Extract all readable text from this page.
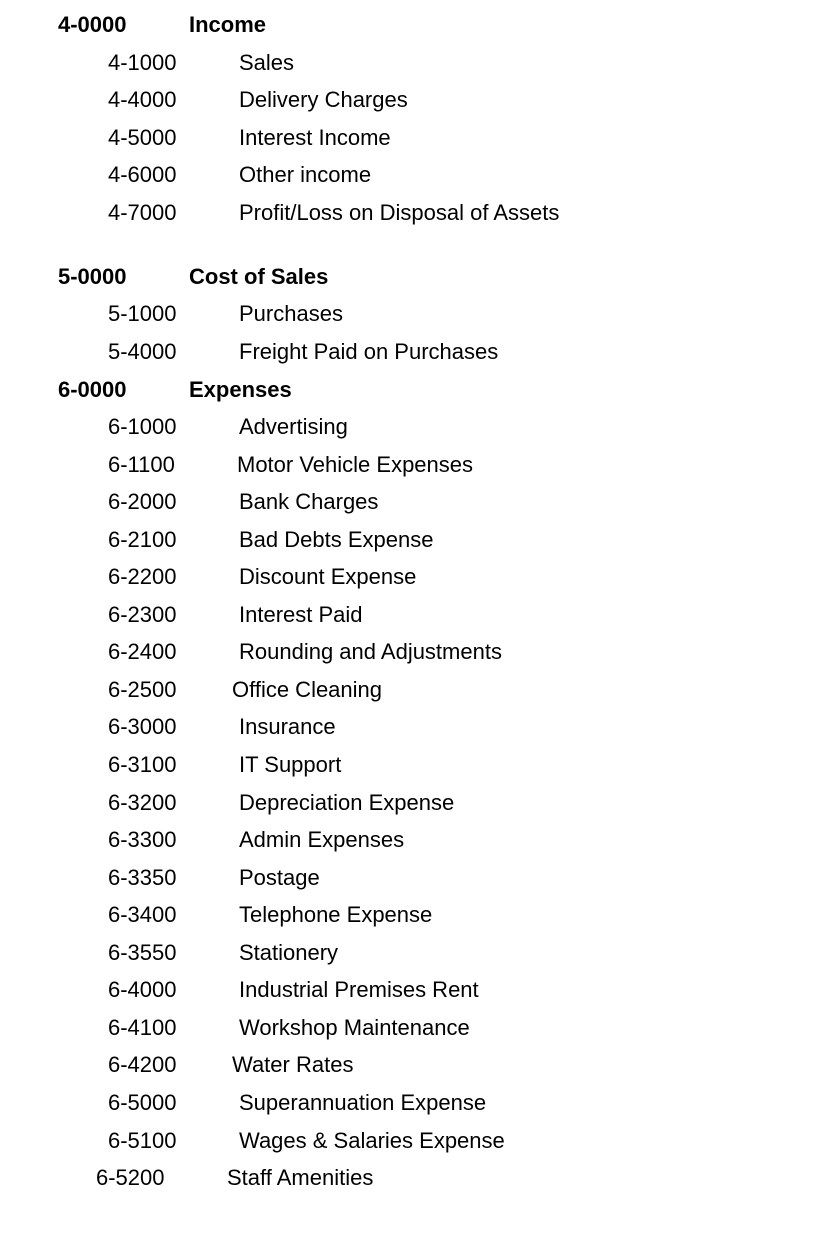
4-0000	Income
4-1000	Sales
4-4000	Delivery Charges
4-5000	Interest Income
4-6000	Other income
4-7000	Profit/Loss on Disposal of Assets
5-0000	Cost of Sales
5-1000	Purchases
5-4000	Freight Paid on Purchases
6-0000	Expenses
6-1000	Advertising
6-1100	Motor Vehicle Expenses
6-2000	Bank Charges
6-2100	Bad Debts Expense
6-2200	Discount Expense
6-2300	Interest Paid
6-2400	Rounding and Adjustments
6-2500	Office Cleaning
6-3000	Insurance
6-3100	IT Support
6-3200	Depreciation Expense
6-3300	Admin Expenses
6-3350	Postage
6-3400	Telephone Expense
6-3550	Stationery
6-4000	Industrial Premises Rent
6-4100	Workshop Maintenance
6-4200	Water Rates
6-5000	Superannuation Expense
6-5100	Wages & Salaries Expense
6-5200	Staff Amenities
